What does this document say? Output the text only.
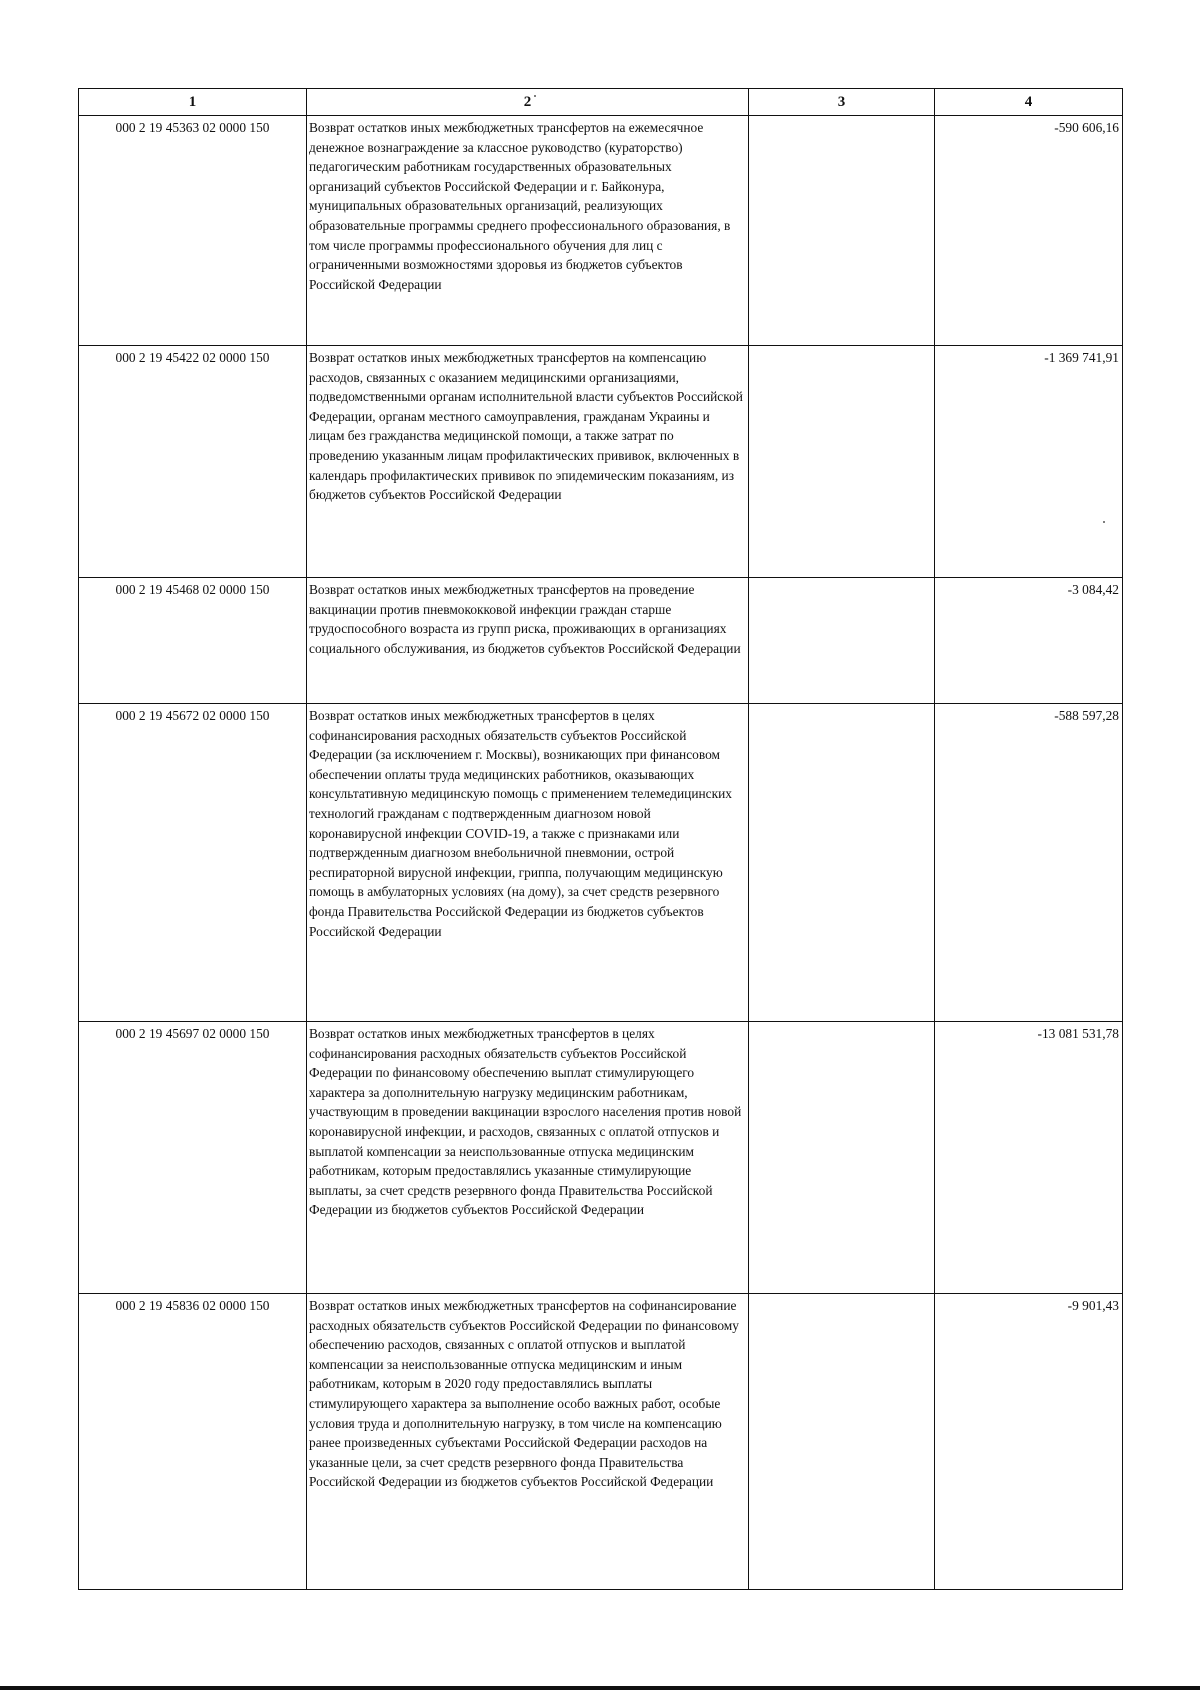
1	2	3	4
000 2 19 45363 02 0000 150	Возврат остатков иных межбюджетных трансфертов на ежемесячное денежное вознаграждение за классное руководство (кураторство) педагогическим работникам государственных образовательных организаций субъектов Российской Федерации и г. Байконура, муниципальных образовательных организаций, реализующих образовательные программы среднего профессионального образования, в том числе программы профессионального обучения для лиц с ограниченными возможностями здоровья из бюджетов субъектов Российской Федерации		-590 606,16
000 2 19 45422 02 0000 150	Возврат остатков иных межбюджетных трансфертов на компенсацию расходов, связанных с оказанием медицинскими организациями, подведомственными органам исполнительной власти субъектов Российской Федерации, органам местного самоуправления, гражданам Украины и лицам без гражданства медицинской помощи, а также затрат по проведению указанным лицам профилактических прививок, включенных в календарь профилактических прививок по эпидемическим показаниям, из бюджетов субъектов Российской Федерации		-1 369 741,91
000 2 19 45468 02 0000 150	Возврат остатков иных межбюджетных трансфертов на проведение вакцинации против пневмококковой инфекции граждан старше трудоспособного возраста из групп риска, проживающих в организациях социального обслуживания, из бюджетов субъектов Российской Федерации		-3 084,42
000 2 19 45672 02 0000 150	Возврат остатков иных межбюджетных трансфертов в целях софинансирования расходных обязательств субъектов Российской Федерации (за исключением г. Москвы), возникающих при финансовом обеспечении оплаты труда медицинских работников, оказывающих консультативную медицинскую помощь с применением телемедицинских технологий гражданам с подтвержденным диагнозом новой коронавирусной инфекции COVID-19, а также с признаками или подтвержденным диагнозом внебольничной пневмонии, острой респираторной вирусной инфекции, гриппа, получающим медицинскую помощь в амбулаторных условиях (на дому), за счет средств резервного фонда Правительства Российской Федерации из бюджетов субъектов Российской Федерации		-588 597,28
000 2 19 45697 02 0000 150	Возврат остатков иных межбюджетных трансфертов в целях софинансирования расходных обязательств субъектов Российской Федерации по финансовому обеспечению выплат стимулирующего характера за дополнительную нагрузку медицинским работникам, участвующим в проведении вакцинации взрослого населения против новой коронавирусной инфекции, и расходов, связанных с оплатой отпусков и выплатой компенсации за неиспользованные отпуска медицинским работникам, которым предоставлялись указанные стимулирующие выплаты, за счет средств резервного фонда Правительства Российской Федерации из бюджетов субъектов Российской Федерации		-13 081 531,78
000 2 19 45836 02 0000 150	Возврат остатков иных межбюджетных трансфертов на софинансирование расходных обязательств субъектов Российской Федерации по финансовому обеспечению расходов, связанных с оплатой отпусков и выплатой компенсации за неиспользованные отпуска медицинским и иным работникам, которым в 2020 году предоставлялись выплаты стимулирующего характера за выполнение особо важных работ, особые условия труда и дополнительную нагрузку, в том числе на компенсацию ранее произведенных субъектами Российской Федерации расходов на указанные цели, за счет средств резервного фонда Правительства Российской Федерации из бюджетов субъектов Российской Федерации		-9 901,43
